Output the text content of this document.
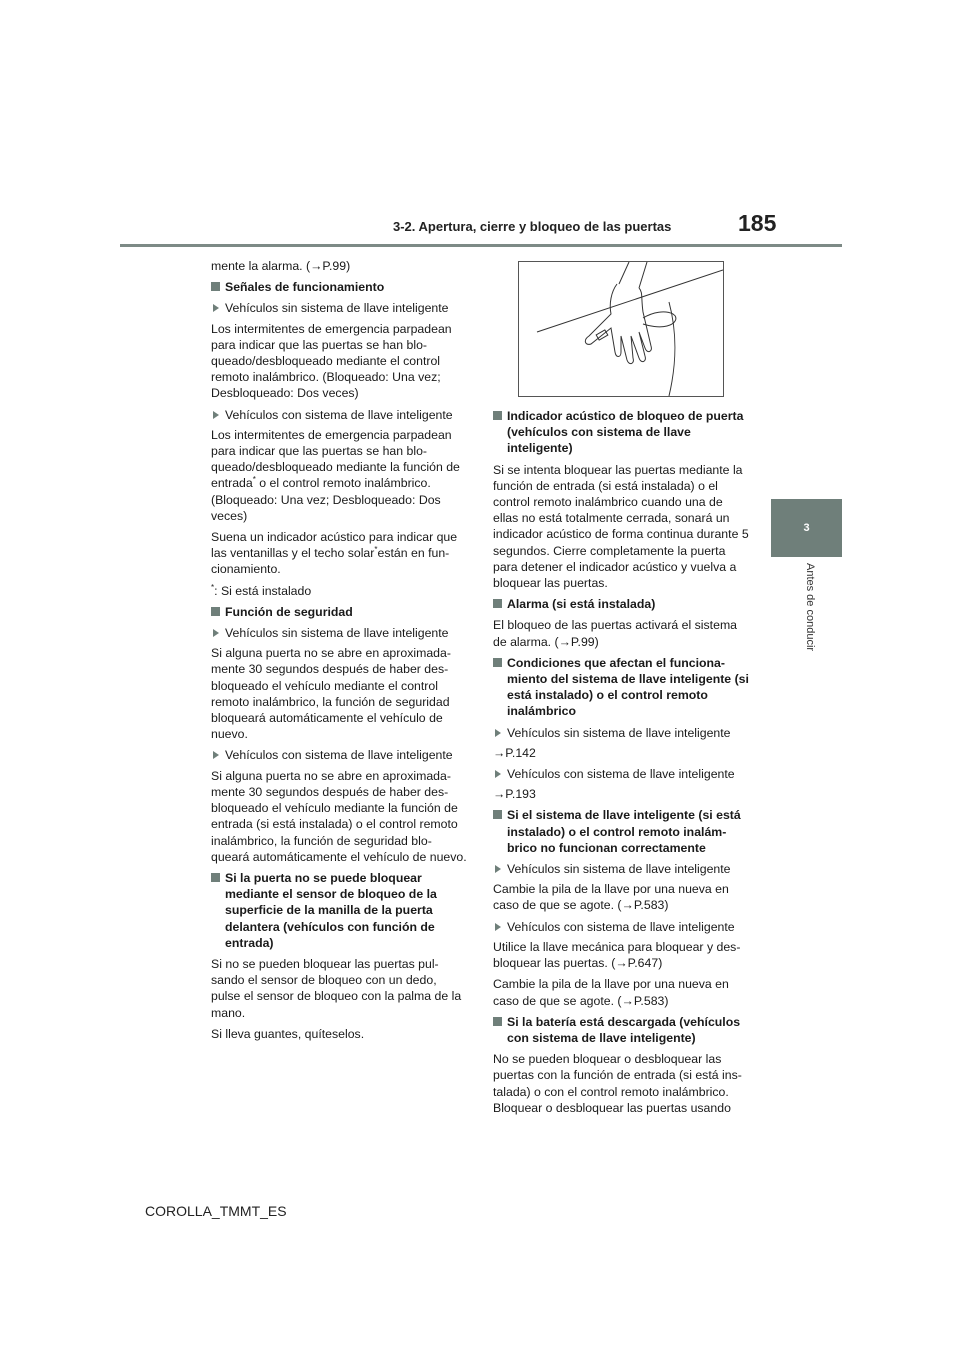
3-2. Apertura, cierre y bloqueo de las puertas	185
3
Antes de conducir

mente la alarma. (→P.99)

Señales de funcionamiento

Vehículos sin sistema de llave inteligente

Los intermitentes de emergencia parpadean para indicar que las puertas se han blo-queado/desbloqueado mediante el control remoto inalámbrico. (Bloqueado: Una vez; Desbloqueado: Dos veces)

Vehículos con sistema de llave inteligente

Los intermitentes de emergencia parpadean para indicar que las puertas se han blo-queado/desbloqueado mediante la función de entrada* o el control remoto inalámbrico. (Bloqueado: Una vez; Desbloqueado: Dos veces)

Suena un indicador acústico para indicar que las ventanillas y el techo solar*están en fun-cionamiento.

*: Si está instalado

Función de seguridad

Vehículos sin sistema de llave inteligente

Si alguna puerta no se abre en aproximada-mente 30 segundos después de haber des-bloqueado el vehículo mediante el control remoto inalámbrico, la función de seguridad bloqueará automáticamente el vehículo de nuevo.

Vehículos con sistema de llave inteligente

Si alguna puerta no se abre en aproximada-mente 30 segundos después de haber des-bloqueado el vehículo mediante la función de entrada (si está instalada) o el control remoto inalámbrico, la función de seguridad blo-queará automáticamente el vehículo de nuevo.

Si la puerta no se puede bloquear mediante el sensor de bloqueo de la superficie de la manilla de la puerta delantera (vehículos con función de entrada)

Si no se pueden bloquear las puertas pul-sando el sensor de bloqueo con un dedo, pulse el sensor de bloqueo con la palma de la mano.

Si lleva guantes, quíteselos.

Indicador acústico de bloqueo de puerta (vehículos con sistema de llave inteligente)

Si se intenta bloquear las puertas mediante la función de entrada (si está instalada) o el control remoto inalámbrico cuando una de ellas no está totalmente cerrada, sonará un indicador acústico de forma continua durante 5 segundos. Cierre completamente la puerta para detener el indicador acústico y vuelva a bloquear las puertas.

Alarma (si está instalada)

El bloqueo de las puertas activará el sistema de alarma. (→P.99)

Condiciones que afectan el funciona-miento del sistema de llave inteligente (si está instalado) o el control remoto inalámbrico

Vehículos sin sistema de llave inteligente

→P.142

Vehículos con sistema de llave inteligente

→P.193

Si el sistema de llave inteligente (si está instalado) o el control remoto inalám-brico no funcionan correctamente

Vehículos sin sistema de llave inteligente

Cambie la pila de la llave por una nueva en caso de que se agote. (→P.583)

Vehículos con sistema de llave inteligente

Utilice la llave mecánica para bloquear y des-bloquear las puertas. (→P.647)

Cambie la pila de la llave por una nueva en caso de que se agote. (→P.583)

Si la batería está descargada (vehículos con sistema de llave inteligente)

No se pueden bloquear o desbloquear las puertas con la función de entrada (si está ins-talada) o con el control remoto inalámbrico. Bloquear o desbloquear las puertas usando

COROLLA_TMMT_ES
